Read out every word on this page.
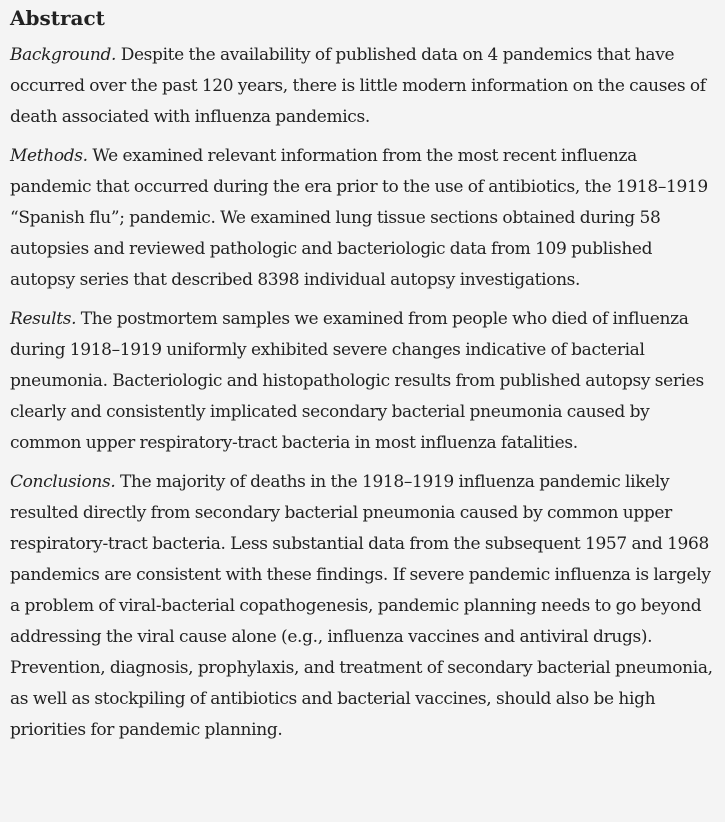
Abstract

Background. Despite the availability of published data on 4 pandemics that have occurred over the past 120 years, there is little modern information on the causes of death associated with influenza pandemics.

Methods. We examined relevant information from the most recent influenza pandemic that occurred during the era prior to the use of antibiotics, the 1918–1919 “Spanish flu”; pandemic. We examined lung tissue sections obtained during 58 autopsies and reviewed pathologic and bacteriologic data from 109 published autopsy series that described 8398 individual autopsy investigations.

Results. The postmortem samples we examined from people who died of influenza during 1918–1919 uniformly exhibited severe changes indicative of bacterial pneumonia. Bacteriologic and histopathologic results from published autopsy series clearly and consistently implicated secondary bacterial pneumonia caused by common upper respiratory-tract bacteria in most influenza fatalities.

Conclusions. The majority of deaths in the 1918–1919 influenza pandemic likely resulted directly from secondary bacterial pneumonia caused by common upper respiratory-tract bacteria. Less substantial data from the subsequent 1957 and 1968 pandemics are consistent with these findings. If severe pandemic influenza is largely a problem of viral-bacterial copathogenesis, pandemic planning needs to go beyond addressing the viral cause alone (e.g., influenza vaccines and antiviral drugs). Prevention, diagnosis, prophylaxis, and treatment of secondary bacterial pneumonia, as well as stockpiling of antibiotics and bacterial vaccines, should also be high priorities for pandemic planning.
